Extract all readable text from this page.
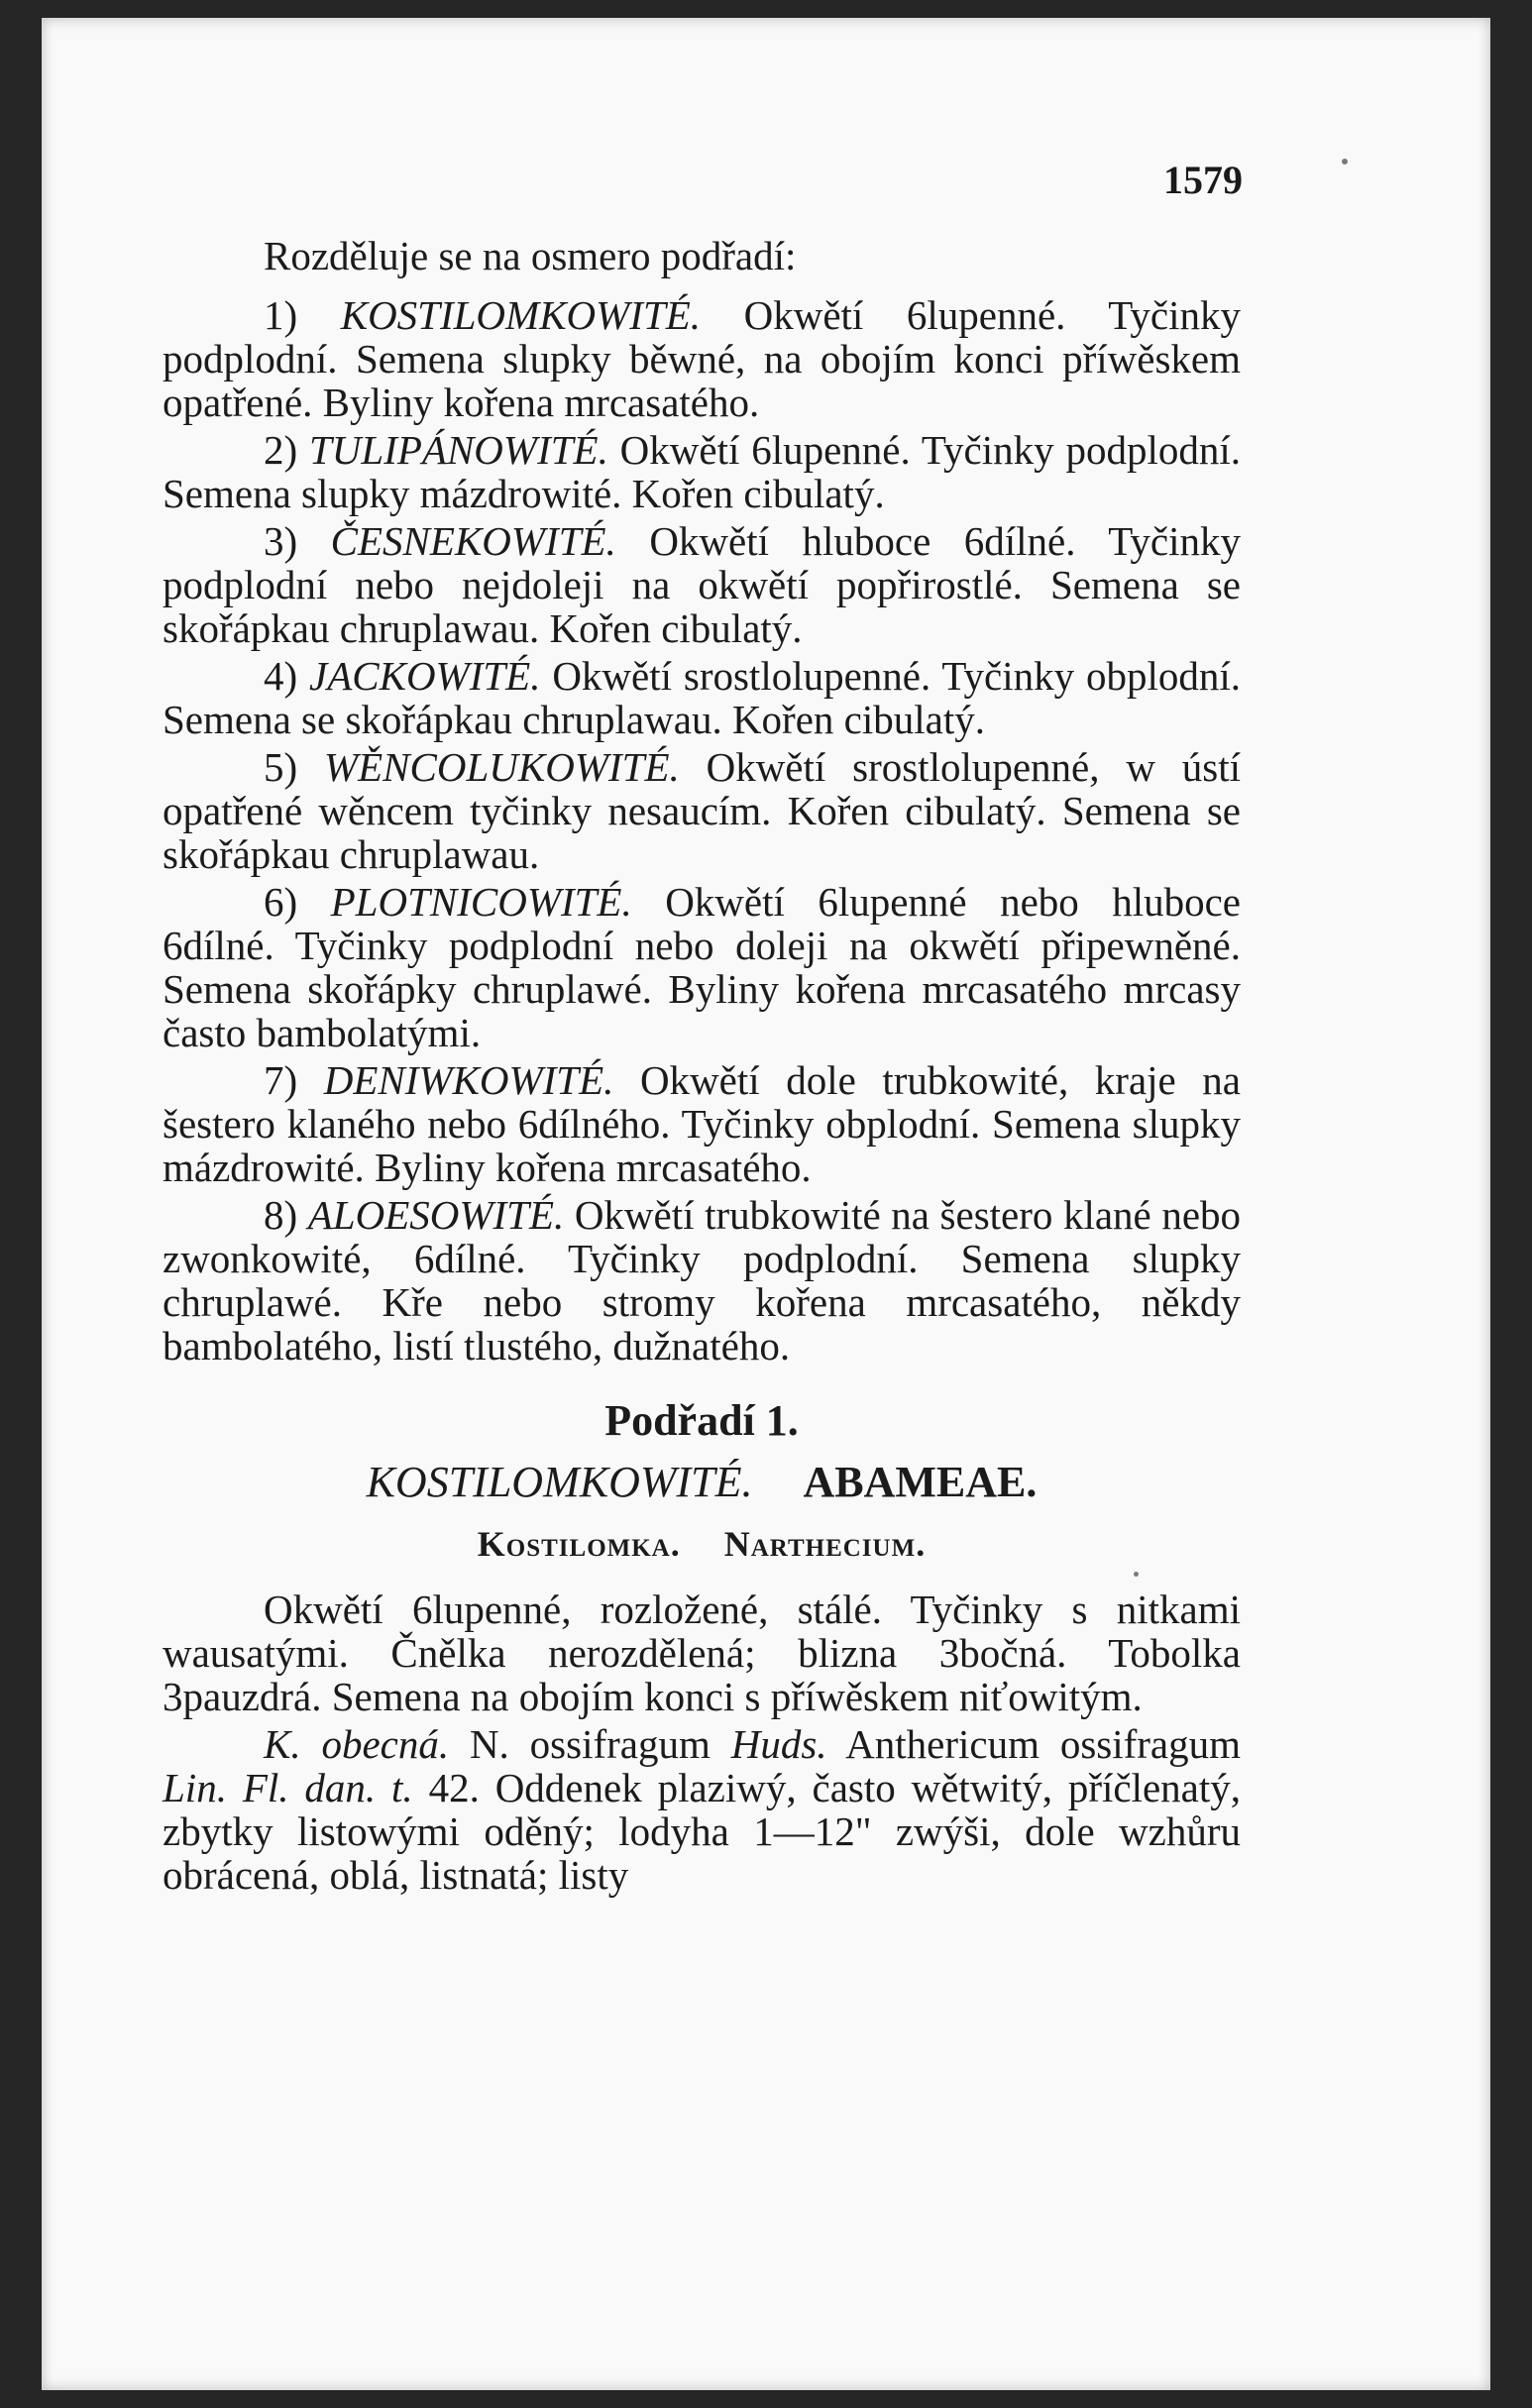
1579

Rozděluje se na osmero podřadí:

1) KOSTILOMKOWITÉ. Okwětí 6lupenné. Tyčinky podplodní. Semena slupky běwné, na obojím konci příwěskem opatřené. Byliny kořena mrcasatého.

2) TULIPÁNOWITÉ. Okwětí 6lupenné. Tyčinky podplodní. Semena slupky mázdrowité. Kořen cibulatý.

3) ČESNEKOWITÉ. Okwětí hluboce 6dílné. Tyčinky podplodní nebo nejdoleji na okwětí popřirostlé. Semena se skořápkau chruplawau. Kořen cibulatý.

4) JACKOWITÉ. Okwětí srostlolupenné. Tyčinky obplodní. Semena se skořápkau chruplawau. Kořen cibulatý.

5) WĚNCOLUKOWITÉ. Okwětí srostlolupenné, w ústí opatřené wěncem tyčinky nesaucím. Kořen cibulatý. Semena se skořápkau chruplawau.

6) PLOTNICOWITÉ. Okwětí 6lupenné nebo hluboce 6dílné. Tyčinky podplodní nebo doleji na okwětí připewněné. Semena skořápky chruplawé. Byliny kořena mrcasatého mrcasy často bambolatými.

7) DENIWKOWITÉ. Okwětí dole trubkowité, kraje na šestero klaného nebo 6dílného. Tyčinky obplodní. Semena slupky mázdrowité. Byliny kořena mrcasatého.

8) ALOESOWITÉ. Okwětí trubkowité na šestero klané nebo zwonkowité, 6dílné. Tyčinky podplodní. Semena slupky chruplawé. Kře nebo stromy kořena mrcasatého, někdy bambolatého, listí tlustého, dužnatého.

Podřadí 1.

KOSTILOMKOWITÉ. ABAMEAE.

Kostilomka. Narthecium.

Okwětí 6lupenné, rozložené, stálé. Tyčinky s nitkami wausatými. Čnělka nerozdělená; blizna 3bočná. Tobolka 3pauzdrá. Semena na obojím konci s příwěskem niťowitým.

K. obecná. N. ossifragum Huds. Anthericum ossifragum Lin. Fl. dan. t. 42. Oddenek plaziwý, často wětwitý, příčlenatý, zbytky listowými oděný; lodyha 1—12" zwýši, dole wzhůru obrácená, oblá, listnatá; listy
